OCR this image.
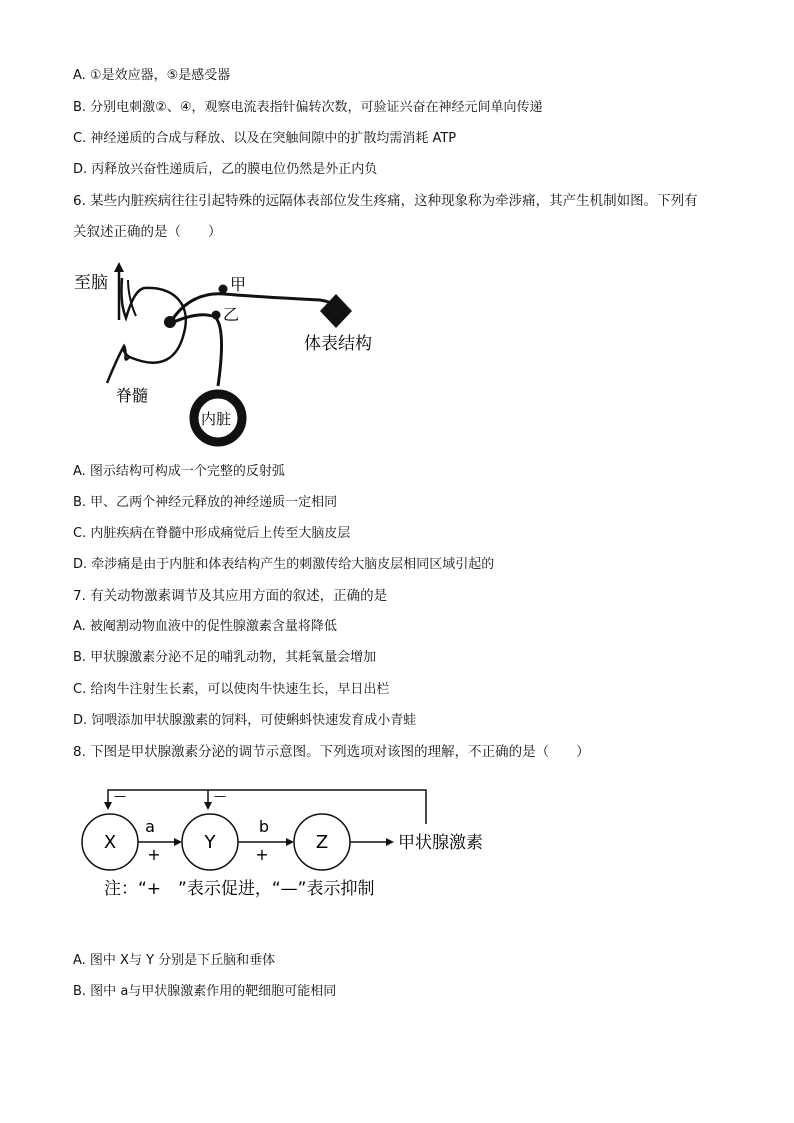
A. ①是效应器，⑤是感受器
B. 分别电刺激②、④，观察电流表指针偏转次数，可验证兴奋在神经元间单向传递
C. 神经递质的合成与释放、以及在突触间隙中的扩散均需消耗 ATP
D. 丙释放兴奋性递质后，乙的膜电位仍然是外正内负
6. 某些内脏疾病往往引起特殊的远隔体表部位发生疼痛，这种现象称为牵涉痛，其产生机制如图。下列有
关叙述正确的是（　　）
至脑	甲
体表结构
乙
内脏
脊髓
A. 图示结构可构成一个完整的反射弧
B. 甲、乙两个神经元释放的神经递质一定相同
C. 内脏疾病在脊髓中形成痛觉后上传至大脑皮层
D. 牵涉痛是由于内脏和体表结构产生的刺激传给大脑皮层相同区域引起的
7. 有关动物激素调节及其应用方面的叙述，正确的是
A. 被阉割动物血液中的促性腺激素含量将降低
B. 甲状腺激素分泌不足的哺乳动物，其耗氧量会增加
C. 给肉牛注射生长素，可以使肉牛快速生长，早日出栏
D. 饲喂添加甲状腺激素的饲料，可使蝌蚪快速发育成小青蛙
8. 下图是甲状腺激素分泌的调节示意图。下列选项对该图的理解，不正确的是（　　）
—	—
X	Y	Z
a
+
b
+
甲状腺激素
注：“+　”表示促进，“—”表示抑制
A. 图中 X与 Y 分别是下丘脑和垂体
B. 图中 a与甲状腺激素作用的靶细胞可能相同
